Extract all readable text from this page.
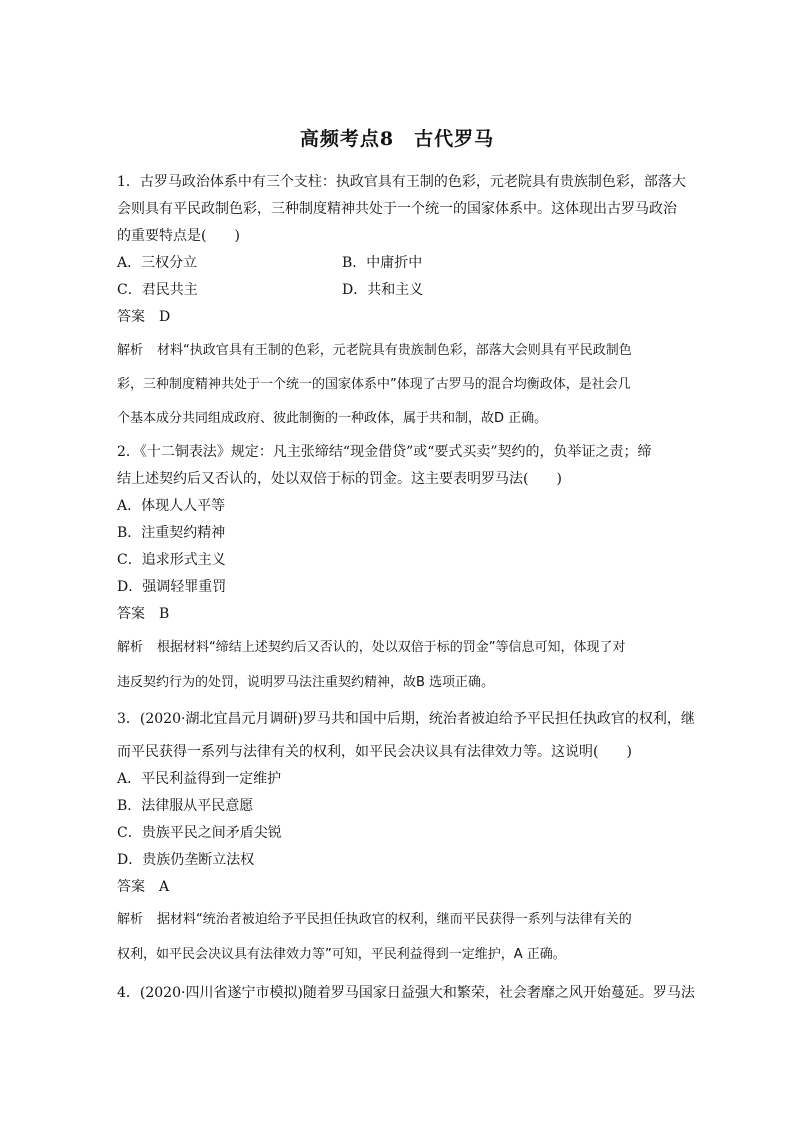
高频考点8　古代罗马
1．古罗马政治体系中有三个支柱：执政官具有王制的色彩，元老院具有贵族制色彩，部落大
会则具有平民政制色彩，三种制度精神共处于一个统一的国家体系中。这体现出古罗马政治
的重要特点是(　　)
A．三权分立	B．中庸折中
C．君民共主	D．共和主义
答案 D
解析 材料“执政官具有王制的色彩，元老院具有贵族制色彩，部落大会则具有平民政制色
彩，三种制度精神共处于一个统一的国家体系中”体现了古罗马的混合均衡政体，是社会几
个基本成分共同组成政府、彼此制衡的一种政体，属于共和制，故D 正确。
2．《十二铜表法》规定：凡主张缔结“现金借贷”或“要式买卖”契约的，负举证之责；缔
结上述契约后又否认的，处以双倍于标的罚金。这主要表明罗马法(　　)
A．体现人人平等
B．注重契约精神
C．追求形式主义
D．强调轻罪重罚
答案 B
解析 根据材料“缔结上述契约后又否认的，处以双倍于标的罚金”等信息可知，体现了对
违反契约行为的处罚，说明罗马法注重契约精神，故B 选项正确。
3．(2020·湖北宜昌元月调研)罗马共和国中后期，统治者被迫给予平民担任执政官的权利，继
而平民获得一系列与法律有关的权利，如平民会决议具有法律效力等。这说明(　　)
A．平民利益得到一定维护
B．法律服从平民意愿
C．贵族平民之间矛盾尖锐
D．贵族仍垄断立法权
答案 A
解析 据材料“统治者被迫给予平民担任执政官的权利，继而平民获得一系列与法律有关的
权利，如平民会决议具有法律效力等”可知，平民利益得到一定维护，A 正确。
4．(2020·四川省遂宁市模拟)随着罗马国家日益强大和繁荣，社会奢靡之风开始蔓延。罗马法
